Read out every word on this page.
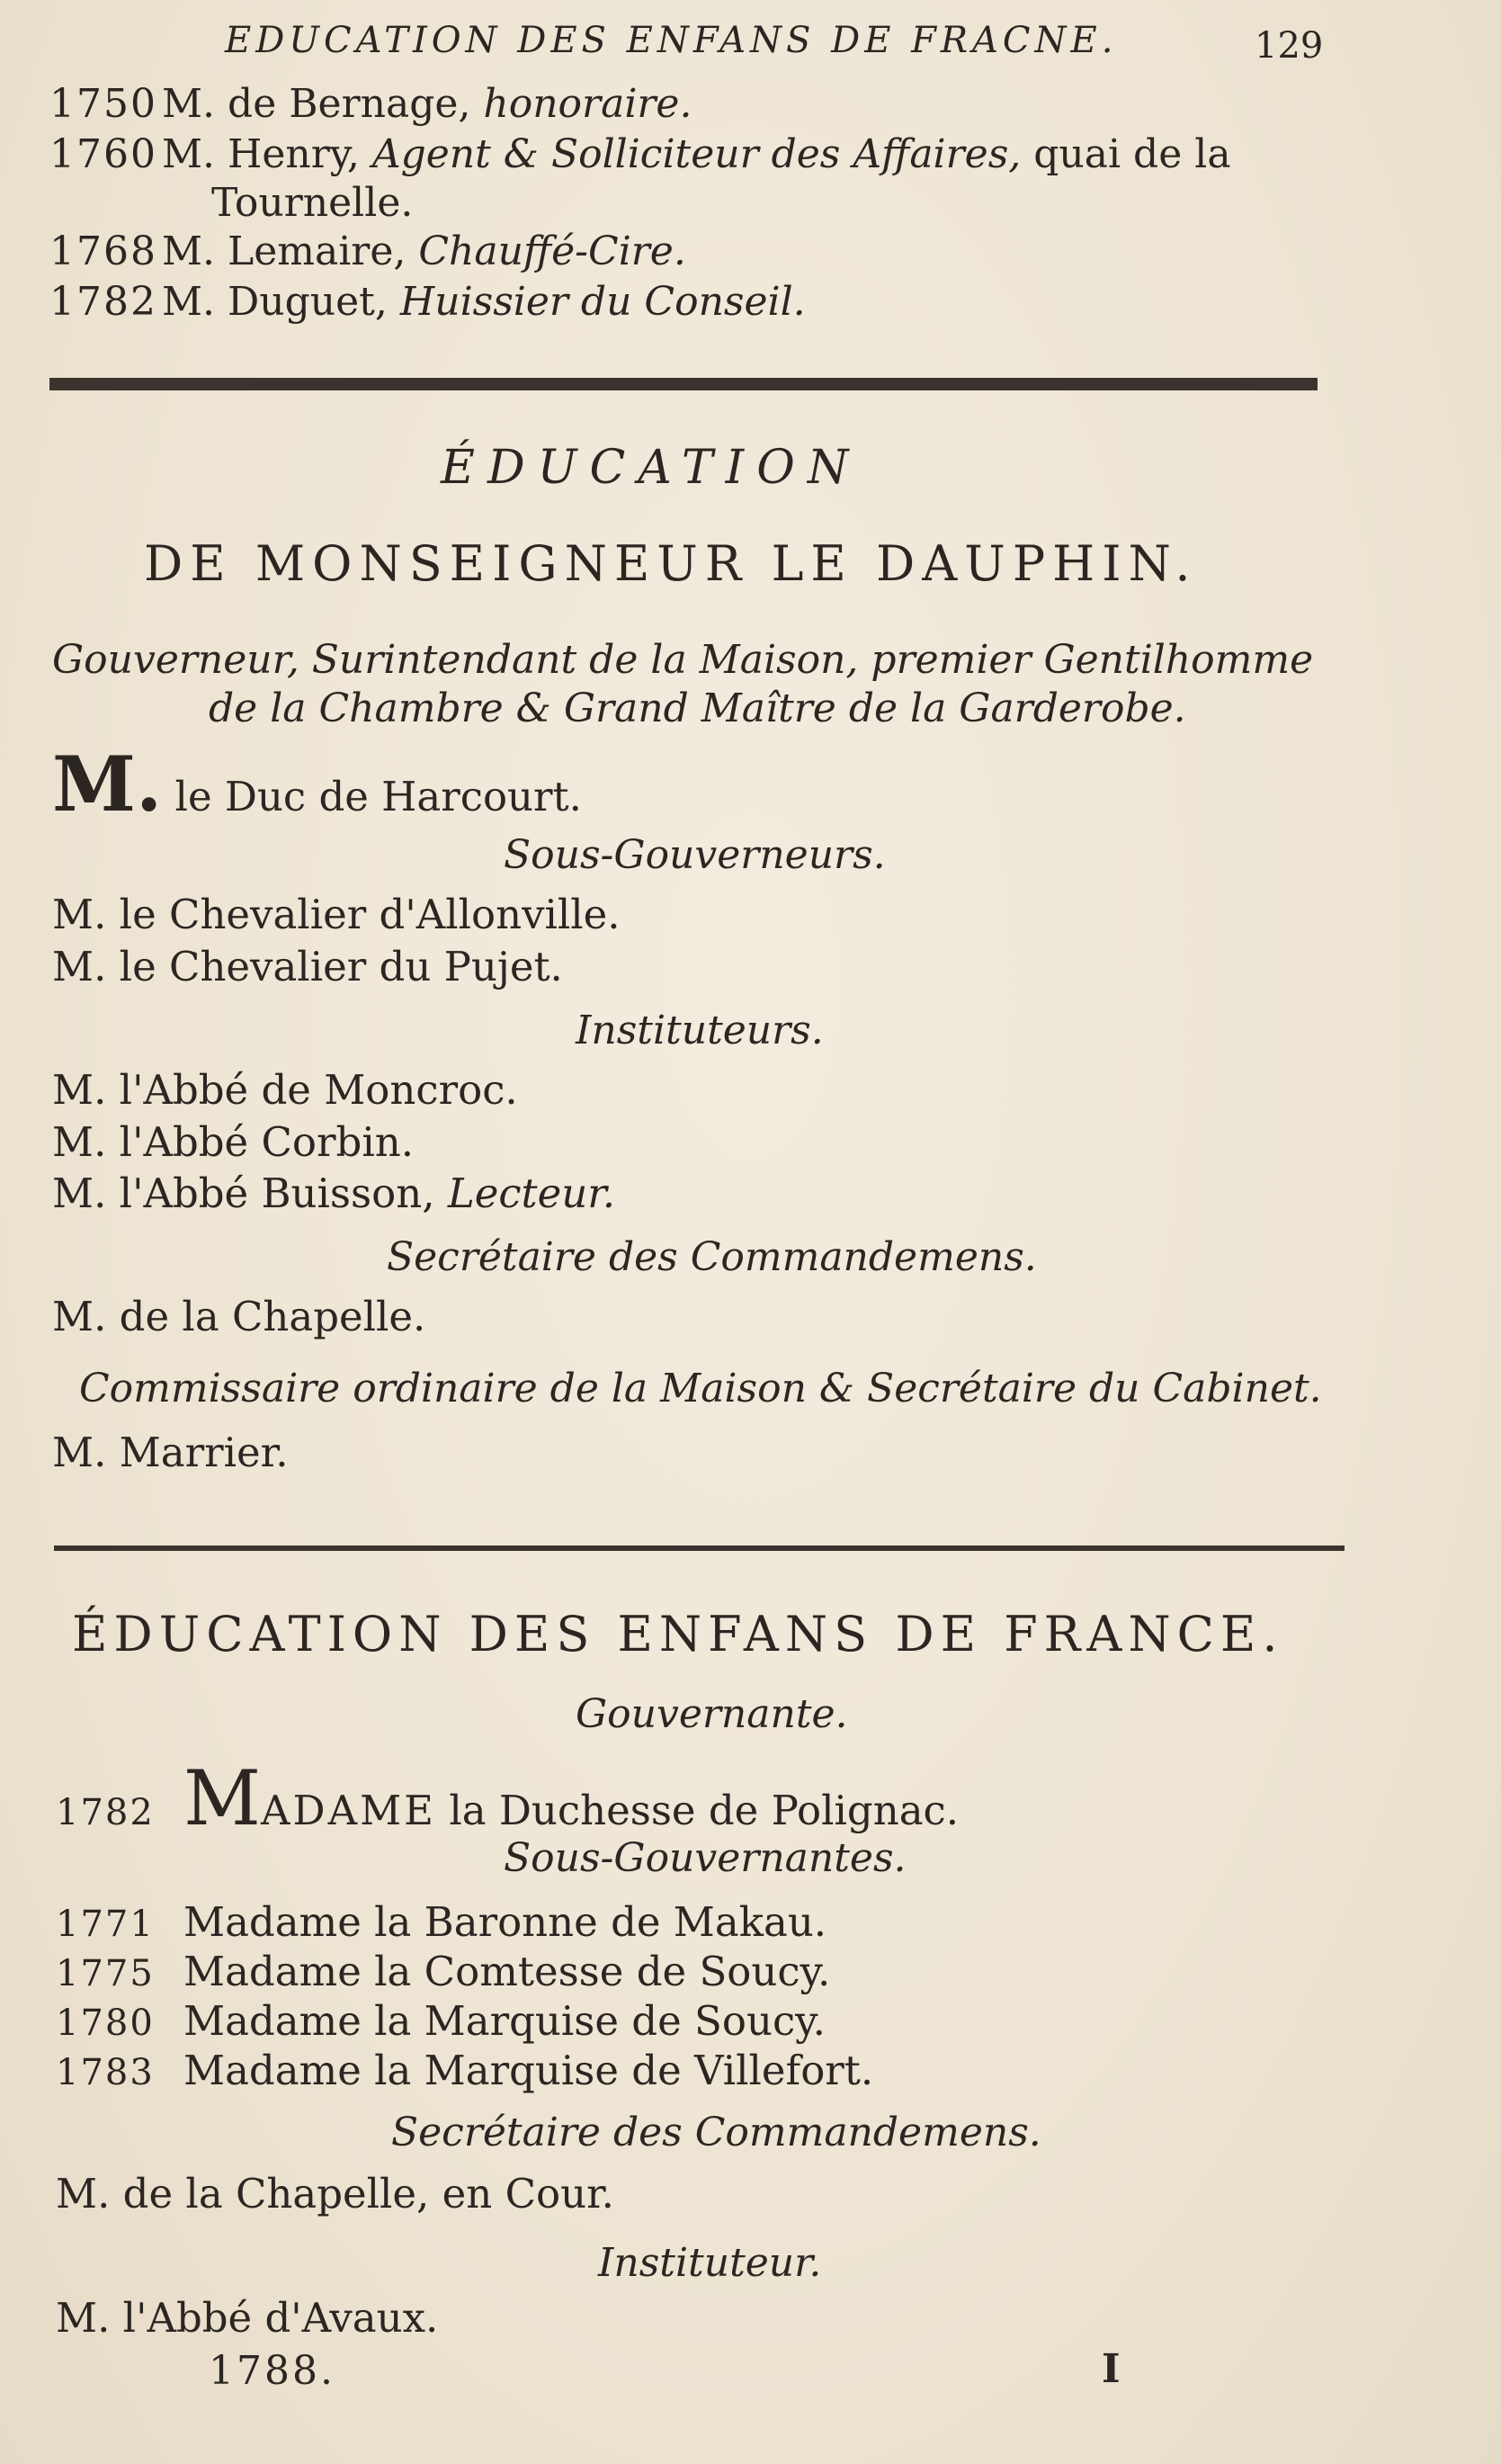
EDUCATION DES ENFANS DE FRACNE.	129
1750 M. de Bernage, honoraire.
1760 M. Henry, Agent & Solliciteur des Affaires, quai de la
Tournelle.
1768 M. Lemaire, Chauffé-Cire.
1782 M. Duguet, Huissier du Conseil.
ÉDUCATION
DE MONSEIGNEUR LE DAUPHIN.
Gouverneur, Surintendant de la Maison, premier Gentilhomme
de la Chambre & Grand Maître de la Garderobe.
M. le Duc de Harcourt.
Sous-Gouverneurs.
M. le Chevalier d'Allonville.
M. le Chevalier du Pujet.
Instituteurs.
M. l'Abbé de Moncroc.
M. l'Abbé Corbin.
M. l'Abbé Buisson, Lecteur.
Secrétaire des Commandemens.
M. de la Chapelle.
Commissaire ordinaire de la Maison & Secrétaire du Cabinet.
M. Marrier.
ÉDUCATION DES ENFANS DE FRANCE.
Gouvernante.
1782 MADAME la Duchesse de Polignac.
Sous-Gouvernantes.
1771 Madame la Baronne de Makau.
1775 Madame la Comtesse de Soucy.
1780 Madame la Marquise de Soucy.
1783 Madame la Marquise de Villefort.
Secrétaire des Commandemens.
M. de la Chapelle, en Cour.
Instituteur.
M. l'Abbé d'Avaux.
1788.	I
